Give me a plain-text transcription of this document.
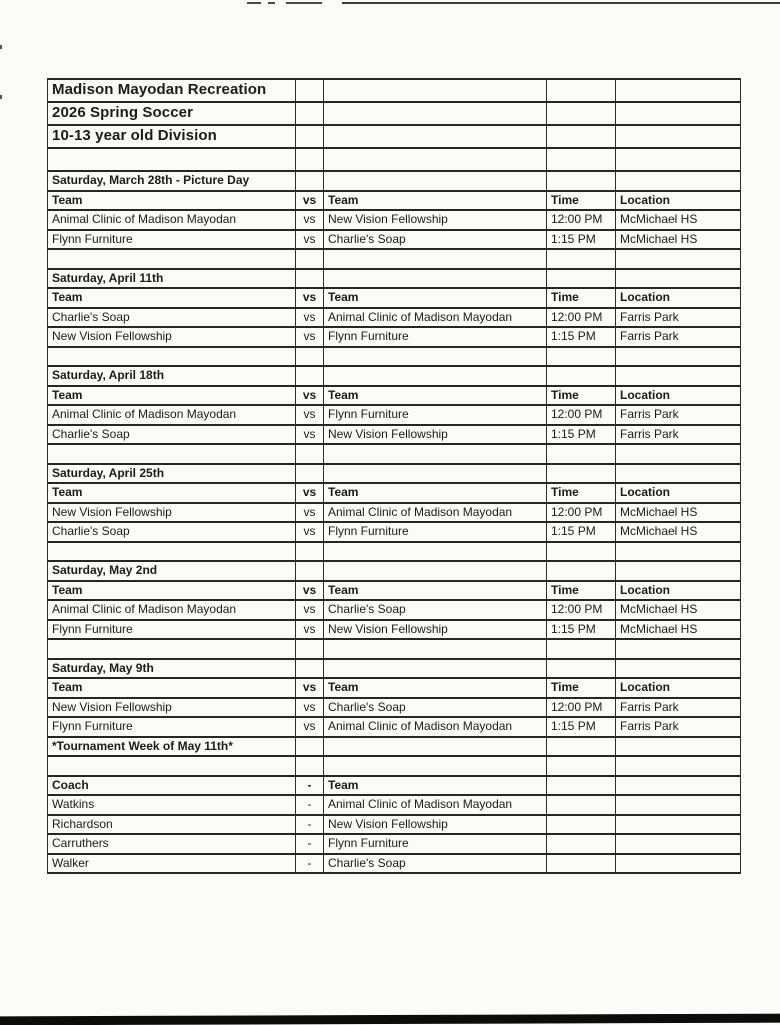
Madison Mayodan Recreation				
2026 Spring Soccer				
10-13 year old Division				

Saturday, March 28th - Picture Day				
Team	vs	Team	Time	Location
Animal Clinic of Madison Mayodan	vs	New Vision Fellowship	12:00 PM	McMichael HS
Flynn Furniture	vs	Charlie's Soap	1:15 PM	McMichael HS

Saturday, April 11th				
Team	vs	Team	Time	Location
Charlie's Soap	vs	Animal Clinic of Madison Mayodan	12:00 PM	Farris Park
New Vision Fellowship	vs	Flynn Furniture	1:15 PM	Farris Park

Saturday, April 18th				
Team	vs	Team	Time	Location
Animal Clinic of Madison Mayodan	vs	Flynn Furniture	12:00 PM	Farris Park
Charlie's Soap	vs	New Vision Fellowship	1:15 PM	Farris Park

Saturday, April 25th				
Team	vs	Team	Time	Location
New Vision Fellowship	vs	Animal Clinic of Madison Mayodan	12:00 PM	McMichael HS
Charlie's Soap	vs	Flynn Furniture	1:15 PM	McMichael HS

Saturday, May 2nd				
Team	vs	Team	Time	Location
Animal Clinic of Madison Mayodan	vs	Charlie's Soap	12:00 PM	McMichael HS
Flynn Furniture	vs	New Vision Fellowship	1:15 PM	McMichael HS

Saturday, May 9th				
Team	vs	Team	Time	Location
New Vision Fellowship	vs	Charlie's Soap	12:00 PM	Farris Park
Flynn Furniture	vs	Animal Clinic of Madison Mayodan	1:15 PM	Farris Park
*Tournament Week of May 11th*				

Coach	-	Team		
Watkins	-	Animal Clinic of Madison Mayodan		
Richardson	-	New Vision Fellowship		
Carruthers	-	Flynn Furniture		
Walker	-	Charlie's Soap		
